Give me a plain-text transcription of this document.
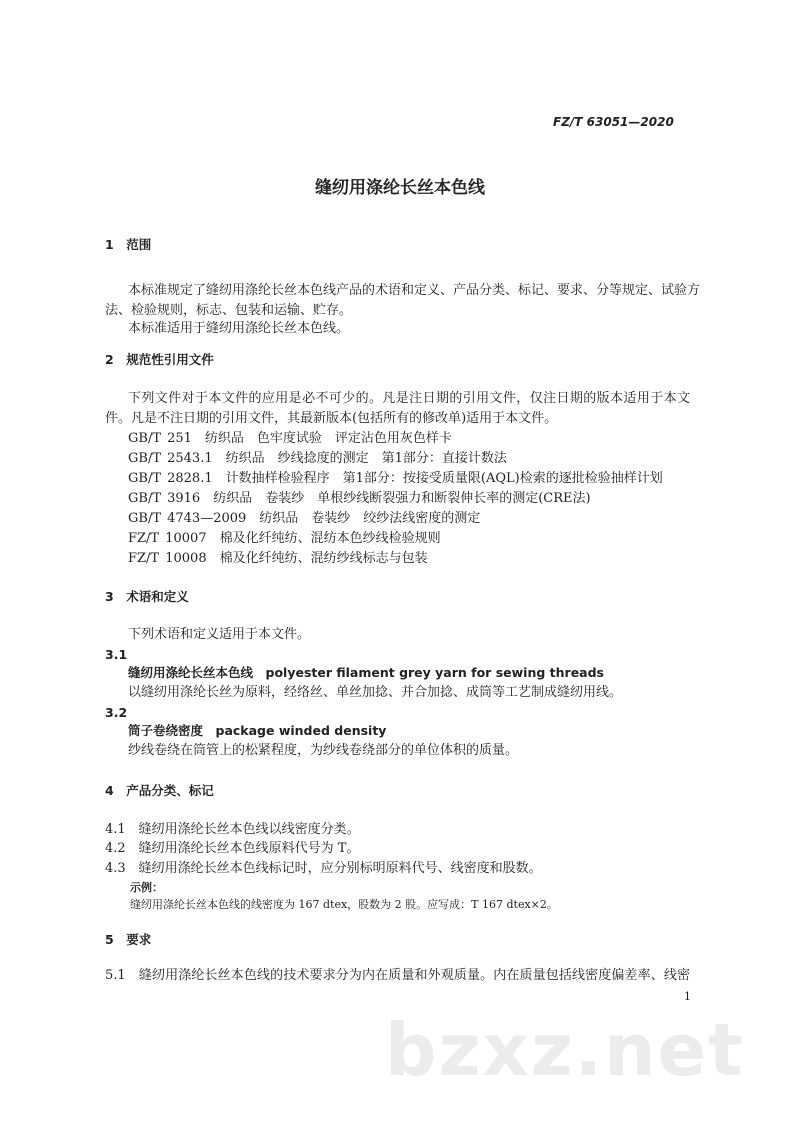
FZ/T 63051—2020
缝纫用涤纶长丝本色线
1　范围
本标准规定了缝纫用涤纶长丝本色线产品的术语和定义、产品分类、标记、要求、分等规定、试验方
法、检验规则，标志、包装和运输、贮存。
本标准适用于缝纫用涤纶长丝本色线。
2　规范性引用文件
下列文件对于本文件的应用是必不可少的。凡是注日期的引用文件，仅注日期的版本适用于本文
件。凡是不注日期的引用文件，其最新版本(包括所有的修改单)适用于本文件。
GB/T 251　纺织品　色牢度试验　评定沾色用灰色样卡
GB/T 2543.1　纺织品　纱线捻度的测定　第1部分：直接计数法
GB/T 2828.1　计数抽样检验程序　第1部分：按接受质量限(AQL)检索的逐批检验抽样计划
GB/T 3916　纺织品　卷装纱　单根纱线断裂强力和断裂伸长率的测定(CRE法)
GB/T 4743—2009　纺织品　卷装纱　绞纱法线密度的测定
FZ/T 10007　棉及化纤纯纺、混纺本色纱线检验规则
FZ/T 10008　棉及化纤纯纺、混纺纱线标志与包装
3　术语和定义
下列术语和定义适用于本文件。
3.1
缝纫用涤纶长丝本色线　polyester filament grey yarn for sewing threads
以缝纫用涤纶长丝为原料，经络丝、单丝加捻、并合加捻、成筒等工艺制成缝纫用线。
3.2
筒子卷绕密度　package winded density
纱线卷绕在筒管上的松紧程度，为纱线卷绕部分的单位体积的质量。
4　产品分类、标记
4.1　缝纫用涤纶长丝本色线以线密度分类。
4.2　缝纫用涤纶长丝本色线原料代号为 T。
4.3　缝纫用涤纶长丝本色线标记时，应分别标明原料代号、线密度和股数。
示例：
缝纫用涤纶长丝本色线的线密度为 167 dtex，股数为 2 股。应写成：T 167 dtex×2。
5　要求
5.1　缝纫用涤纶长丝本色线的技术要求分为内在质量和外观质量。内在质量包括线密度偏差率、线密
1
bzxz.net
